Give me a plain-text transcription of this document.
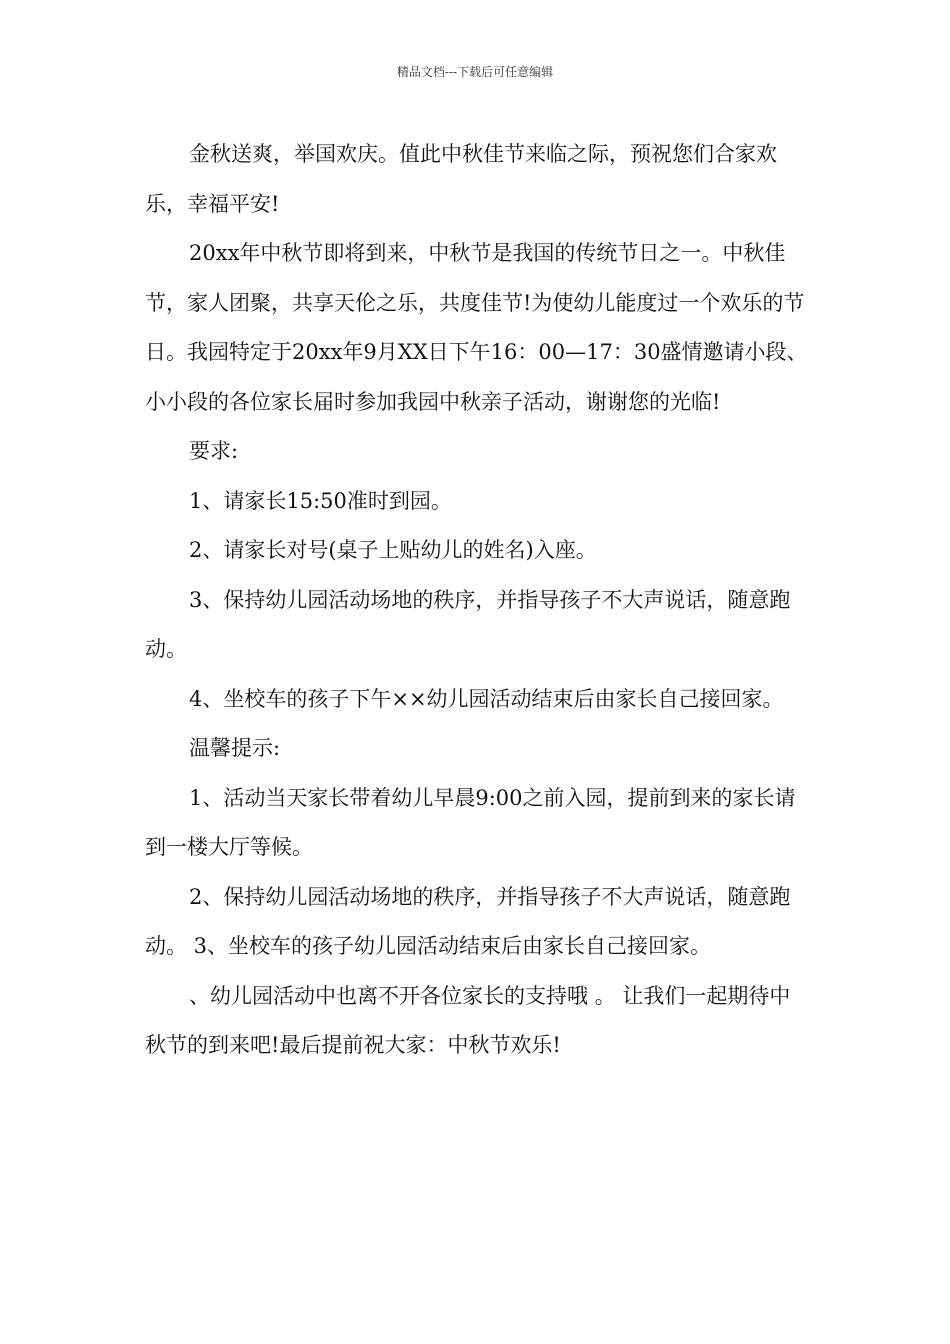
精品文档---下载后可任意编辑

金秋送爽，举国欢庆。值此中秋佳节来临之际，预祝您们合家欢乐，幸福平安!

20xx年中秋节即将到来，中秋节是我国的传统节日之一。中秋佳节，家人团聚，共享天伦之乐，共度佳节!为使幼儿能度过一个欢乐的节日。我园特定于20xx年9月XX日下午16：00—17：30盛情邀请小段、小小段的各位家长届时参加我园中秋亲子活动，谢谢您的光临!

要求:

1、请家长15:50准时到园。

2、请家长对号(桌子上贴幼儿的姓名)入座。

3、保持幼儿园活动场地的秩序，并指导孩子不大声说话，随意跑动。

4、坐校车的孩子下午××幼儿园活动结束后由家长自己接回家。

温馨提示:

1、活动当天家长带着幼儿早晨9:00之前入园，提前到来的家长请到一楼大厅等候。

2、保持幼儿园活动场地的秩序，并指导孩子不大声说话，随意跑动。 3、坐校车的孩子幼儿园活动结束后由家长自己接回家。

、幼儿园活动中也离不开各位家长的支持哦 。 让我们一起期待中秋节的到来吧!最后提前祝大家：中秋节欢乐!
